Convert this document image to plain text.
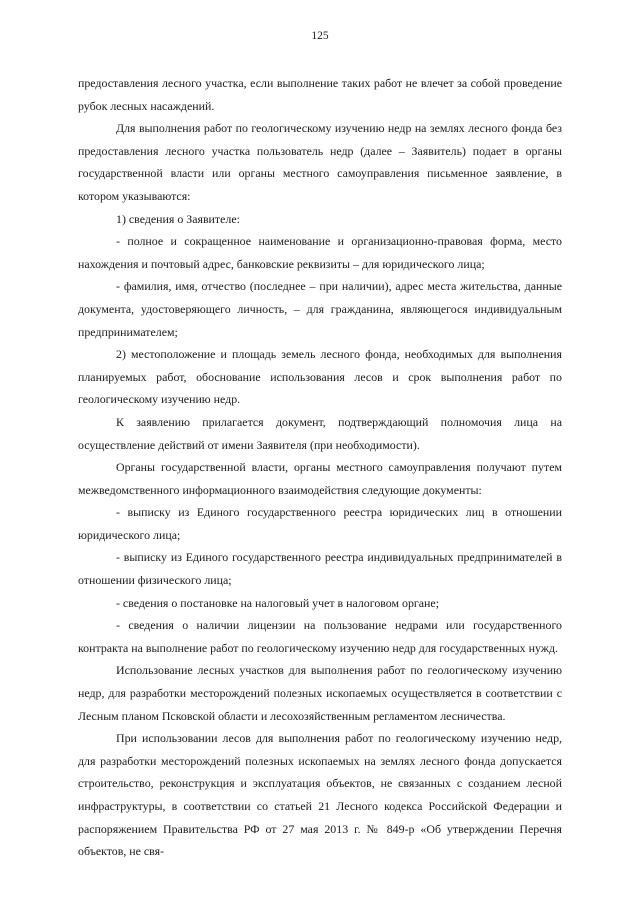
125

предоставления лесного участка, если выполнение таких работ не влечет за собой проведение рубок лесных насаждений.

Для выполнения работ по геологическому изучению недр на землях лесного фонда без предоставления лесного участка пользователь недр (далее – Заявитель) подает в органы государственной власти или органы местного самоуправления письменное заявление, в котором указываются:

1) сведения о Заявителе:

- полное и сокращенное наименование и организационно-правовая форма, место нахождения и почтовый адрес, банковские реквизиты – для юридического лица;

- фамилия, имя, отчество (последнее – при наличии), адрес места жительства, данные документа, удостоверяющего личность, – для гражданина, являющегося индивидуальным предпринимателем;

2) местоположение и площадь земель лесного фонда, необходимых для выполнения планируемых работ, обоснование использования лесов и срок выполнения работ по геологическому изучению недр.

К заявлению прилагается документ, подтверждающий полномочия лица на осуществление действий от имени Заявителя (при необходимости).

Органы государственной власти, органы местного самоуправления получают путем межведомственного информационного взаимодействия следующие документы:

- выписку из Единого государственного реестра юридических лиц в отношении юридического лица;

- выписку из Единого государственного реестра индивидуальных предпринимателей в отношении физического лица;

- сведения о постановке на налоговый учет в налоговом органе;

- сведения о наличии лицензии на пользование недрами или государственного контракта на выполнение работ по геологическому изучению недр для государственных нужд.

Использование лесных участков для выполнения работ по геологическому изучению недр, для разработки месторождений полезных ископаемых осуществляется в соответствии с Лесным планом Псковской области и лесохозяйственным регламентом лесничества.

При использовании лесов для выполнения работ по геологическому изучению недр, для разработки месторождений полезных ископаемых на землях лесного фонда допускается строительство, реконструкция и эксплуатация объектов, не связанных с созданием лесной инфраструктуры, в соответствии со статьей 21 Лесного кодекса Российской Федерации и распоряжением Правительства РФ от 27 мая 2013 г. № 849-р «Об утверждении Перечня объектов, не свя-
